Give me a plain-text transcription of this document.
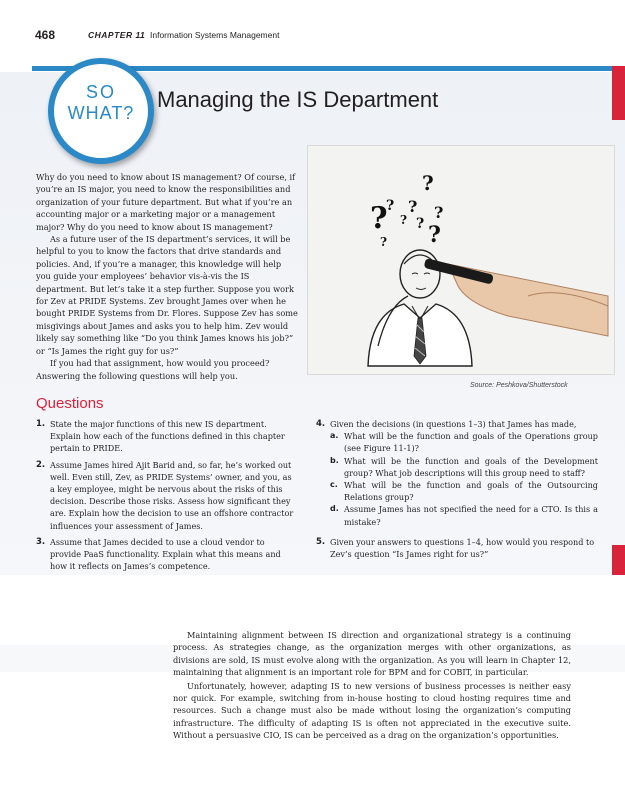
468	CHAPTER 11 Information Systems Management
SO
WHAT?
Managing the IS Department

Why do you need to know about IS management? Of course, if you’re an IS major, you need to know the responsibilities and organization of your future department. But what if you’re an accounting major or a marketing major or a management major? Why do you need to know about IS management?

As a future user of the IS department’s services, it will be helpful to you to know the factors that drive standards and policies. And, if you’re a manager, this knowledge will help you guide your employees’ behavior vis-à-vis the IS department. But let’s take it a step further. Suppose you work for Zev at PRIDE Systems. Zev brought James over when he bought PRIDE Systems from Dr. Flores. Suppose Zev has some misgivings about James and asks you to help him. Zev would likely say something like “Do you think James knows his job?” or “Is James the right guy for us?”

If you had that assignment, how would you proceed? Answering the following questions will help you.

?
?
?
?
?
?
?
?
?
Source: Peshkova/Shutterstock
Questions
1. State the major functions of this new IS department. Explain how each of the functions defined in this chapter pertain to PRIDE.
2. Assume James hired Ajit Barid and, so far, he’s worked out well. Even still, Zev, as PRIDE Systems’ owner, and you, as a key employee, might be nervous about the risks of this decision. Describe those risks. Assess how significant they are. Explain how the decision to use an offshore contractor influences your assessment of James.
3. Assume that James decided to use a cloud vendor to provide PaaS functionality. Explain what this means and how it reflects on James’s competence.
4. Given the decisions (in questions 1–3) that James has made,
a. What will be the function and goals of the Operations group (see Figure 11-1)?
b. What will be the function and goals of the Development group? What job descriptions will this group need to staff?
c. What will be the function and goals of the Outsourcing Relations group?
d. Assume James has not specified the need for a CTO. Is this a mistake?
5. Given your answers to questions 1–4, how would you respond to Zev’s question “Is James right for us?”

Maintaining alignment between IS direction and organizational strategy is a continuing process. As strategies change, as the organization merges with other organizations, as divisions are sold, IS must evolve along with the organization. As you will learn in Chapter 12, maintaining that alignment is an important role for BPM and for COBIT, in particular.

Unfortunately, however, adapting IS to new versions of business processes is neither easy nor quick. For example, switching from in-house hosting to cloud hosting requires time and resources. Such a change must also be made without losing the organization’s computing infrastructure. The difficulty of adapting IS is often not appreciated in the executive suite. Without a persuasive CIO, IS can be perceived as a drag on the organization’s opportunities.
